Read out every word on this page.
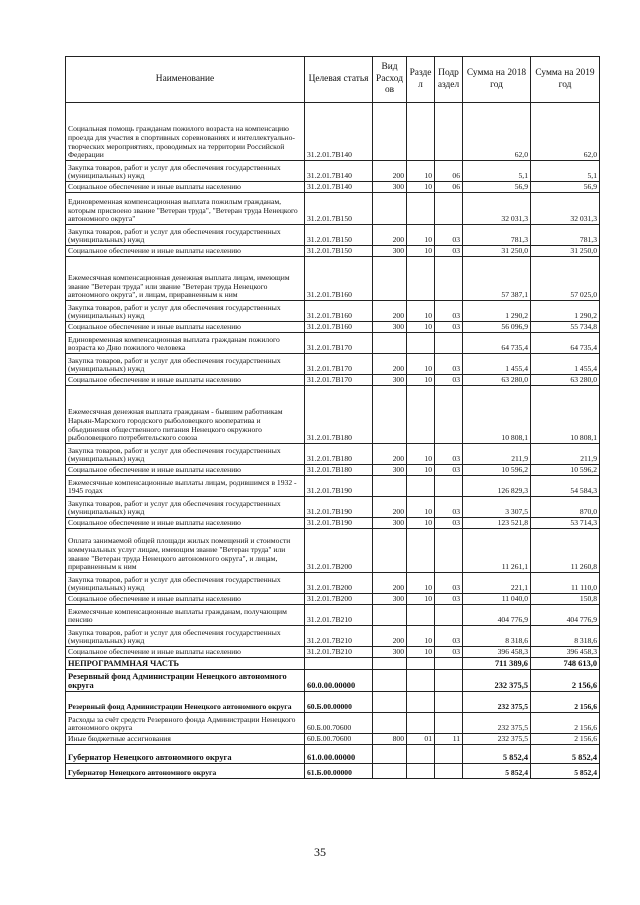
Наименование	Целевая статья	Вид Расход ов	Разде л	Подр аздел	Сумма на 2018 год	Сумма на 2019 год
Социальная помощь гражданам пожилого возраста на компенсацию проезда для участия в спортивных соревнованиях и интеллектуально-творческих мероприятиях, проводимых на территории Российской Федерации	31.2.01.7В140				62,0	62,0
Закупка товаров, работ и услуг для обеспечения государственных (муниципальных) нужд	31.2.01.7В140	200	10	06	5,1	5,1
Социальное обеспечение и иные выплаты населению	31.2.01.7В140	300	10	06	56,9	56,9
Единовременная компенсационная выплата пожилым гражданам, которым присвоено звание "Ветеран труда", "Ветеран труда Ненецкого автономного округа"	31.2.01.7В150				32 031,3	32 031,3
Закупка товаров, работ и услуг для обеспечения государственных (муниципальных) нужд	31.2.01.7В150	200	10	03	781,3	781,3
Социальное обеспечение и иные выплаты населению	31.2.01.7В150	300	10	03	31 250,0	31 250,0
Ежемесячная компенсационная денежная выплата лицам, имеющим звание "Ветеран труда" или звание "Ветеран труда Ненецкого автономного округа", и лицам, приравненным к ним	31.2.01.7В160				57 387,1	57 025,0
Закупка товаров, работ и услуг для обеспечения государственных (муниципальных) нужд	31.2.01.7В160	200	10	03	1 290,2	1 290,2
Социальное обеспечение и иные выплаты населению	31.2.01.7В160	300	10	03	56 096,9	55 734,8
Единовременная компенсационная выплата гражданам пожилого возраста ко Дню пожилого человека	31.2.01.7В170				64 735,4	64 735,4
Закупка товаров, работ и услуг для обеспечения государственных (муниципальных) нужд	31.2.01.7В170	200	10	03	1 455,4	1 455,4
Социальное обеспечение и иные выплаты населению	31.2.01.7В170	300	10	03	63 280,0	63 280,0
Ежемесячная денежная выплата гражданам - бывшим работникам Нарьян-Марского городского рыболовецкого кооператива и объединения общественного питания Ненецкого окружного рыболовецкого потребительского союза	31.2.01.7В180				10 808,1	10 808,1
Закупка товаров, работ и услуг для обеспечения государственных (муниципальных) нужд	31.2.01.7В180	200	10	03	211,9	211,9
Социальное обеспечение и иные выплаты населению	31.2.01.7В180	300	10	03	10 596,2	10 596,2
Ежемесячные компенсационные выплаты лицам, родившимся в 1932 - 1945 годах	31.2.01.7В190				126 829,3	54 584,3
Закупка товаров, работ и услуг для обеспечения государственных (муниципальных) нужд	31.2.01.7В190	200	10	03	3 307,5	870,0
Социальное обеспечение и иные выплаты населению	31.2.01.7В190	300	10	03	123 521,8	53 714,3
Оплата занимаемой общей площади жилых помещений и стоимости коммунальных услуг лицам, имеющим звание "Ветеран труда" или звание "Ветеран труда Ненецкого автономного округа", и лицам, приравненным к ним	31.2.01.7В200				11 261,1	11 260,8
Закупка товаров, работ и услуг для обеспечения государственных (муниципальных) нужд	31.2.01.7В200	200	10	03	221,1	11 110,0
Социальное обеспечение и иные выплаты населению	31.2.01.7В200	300	10	03	11 040,0	150,8
Ежемесячные компенсационные выплаты гражданам, получающим пенсию	31.2.01.7В210				404 776,9	404 776,9
Закупка товаров, работ и услуг для обеспечения государственных (муниципальных) нужд	31.2.01.7В210	200	10	03	8 318,6	8 318,6
Социальное обеспечение и иные выплаты населению	31.2.01.7В210	300	10	03	396 458,3	396 458,3
НЕПРОГРАММНАЯ ЧАСТЬ					711 389,6	748 613,0
Резервный фонд Администрации Ненецкого автономного округа	60.0.00.00000				232 375,5	2 156,6
Резервный фонд Администрации Ненецкого автономного округа	60.Б.00.00000				232 375,5	2 156,6
Расходы за счёт средств Резервного фонда Администрации Ненецкого автономного округа	60.Б.00.70600				232 375,5	2 156,6
Иные бюджетные ассигнования	60.Б.00.70600	800	01	11	232 375,5	2 156,6
Губернатор Ненецкого автономного округа	61.0.00.00000				5 852,4	5 852,4
Губернатор Ненецкого автономного округа	61.Б.00.00000				5 852,4	5 852,4
35
